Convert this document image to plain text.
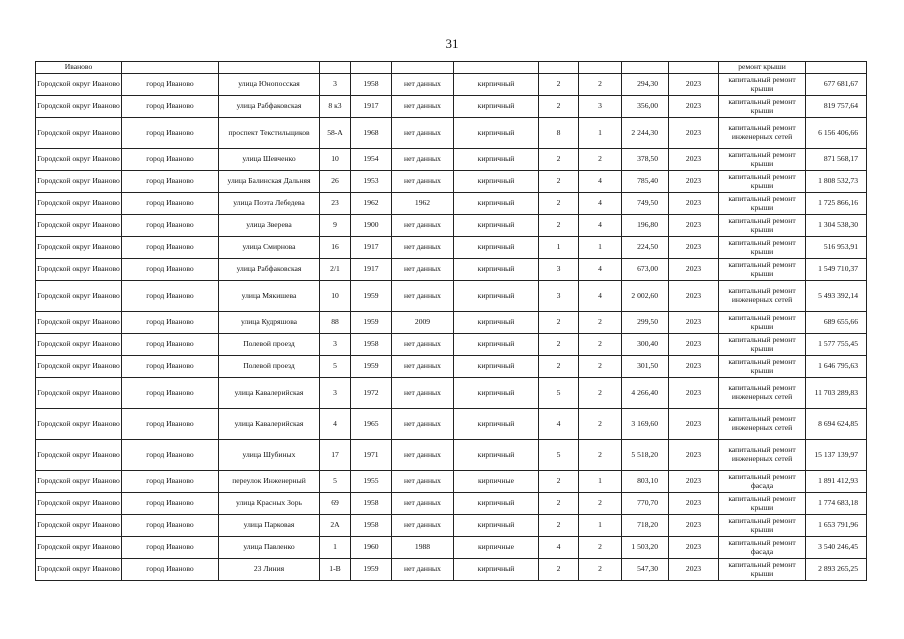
31
Иваново											ремонт крыши	
Городской округ Иваново	город Иваново	улица Юнопосская	3	1958	нет данных	кирпичный	2	2	294,30	2023	капитальный ремонт крыши	677 681,67
Городской округ Иваново	город Иваново	улица Рабфаковская	8 к3	1917	нет данных	кирпичный	2	3	356,00	2023	капитальный ремонт крыши	819 757,64
Городской округ Иваново	город Иваново	проспект Текстильщиков	58-А	1968	нет данных	кирпичный	8	1	2 244,30	2023	капитальный ремонт инженерных сетей	6 156 406,66
Городской округ Иваново	город Иваново	улица Шевченко	10	1954	нет данных	кирпичный	2	2	378,50	2023	капитальный ремонт крыши	871 568,17
Городской округ Иваново	город Иваново	улица Балинская Дальняя	26	1953	нет данных	кирпичный	2	4	785,40	2023	капитальный ремонт крыши	1 808 532,73
Городской округ Иваново	город Иваново	улица Поэта Лебедева	23	1962	1962	кирпичный	2	4	749,50	2023	капитальный ремонт крыши	1 725 866,16
Городской округ Иваново	город Иваново	улица Зверева	9	1900	нет данных	кирпичный	2	4	196,80	2023	капитальный ремонт крыши	1 304 538,30
Городской округ Иваново	город Иваново	улица Смирнова	16	1917	нет данных	кирпичный	1	1	224,50	2023	капитальный ремонт крыши	516 953,91
Городской округ Иваново	город Иваново	улица Рабфаковская	2/1	1917	нет данных	кирпичный	3	4	673,00	2023	капитальный ремонт крыши	1 549 710,37
Городской округ Иваново	город Иваново	улица Мякишева	10	1959	нет данных	кирпичный	3	4	2 002,60	2023	капитальный ремонт инженерных сетей	5 493 392,14
Городской округ Иваново	город Иваново	улица Кудряшова	88	1959	2009	кирпичный	2	2	299,50	2023	капитальный ремонт крыши	689 655,66
Городской округ Иваново	город Иваново	Полевой проезд	3	1958	нет данных	кирпичный	2	2	300,40	2023	капитальный ремонт крыши	1 577 755,45
Городской округ Иваново	город Иваново	Полевой проезд	5	1959	нет данных	кирпичный	2	2	301,50	2023	капитальный ремонт крыши	1 646 795,63
Городской округ Иваново	город Иваново	улица Кавалерийская	3	1972	нет данных	кирпичный	5	2	4 266,40	2023	капитальный ремонт инженерных сетей	11 703 289,83
Городской округ Иваново	город Иваново	улица Кавалерийская	4	1965	нет данных	кирпичный	4	2	3 169,60	2023	капитальный ремонт инженерных сетей	8 694 624,85
Городской округ Иваново	город Иваново	улица Шубиных	17	1971	нет данных	кирпичный	5	2	5 518,20	2023	капитальный ремонт инженерных сетей	15 137 139,97
Городской округ Иваново	город Иваново	переулок Инженерный	5	1955	нет данных	кирпичные	2	1	803,10	2023	капитальный ремонт фасада	1 891 412,93
Городской округ Иваново	город Иваново	улица Красных Зорь	69	1958	нет данных	кирпичный	2	2	770,70	2023	капитальный ремонт крыши	1 774 683,18
Городской округ Иваново	город Иваново	улица Парковая	2А	1958	нет данных	кирпичный	2	1	718,20	2023	капитальный ремонт крыши	1 653 791,96
Городской округ Иваново	город Иваново	улица Павленко	1	1960	1988	кирпичные	4	2	1 503,20	2023	капитальный ремонт фасада	3 540 246,45
Городской округ Иваново	город Иваново	23 Линия	1-В	1959	нет данных	кирпичный	2	2	547,30	2023	капитальный ремонт крыши	2 893 265,25
